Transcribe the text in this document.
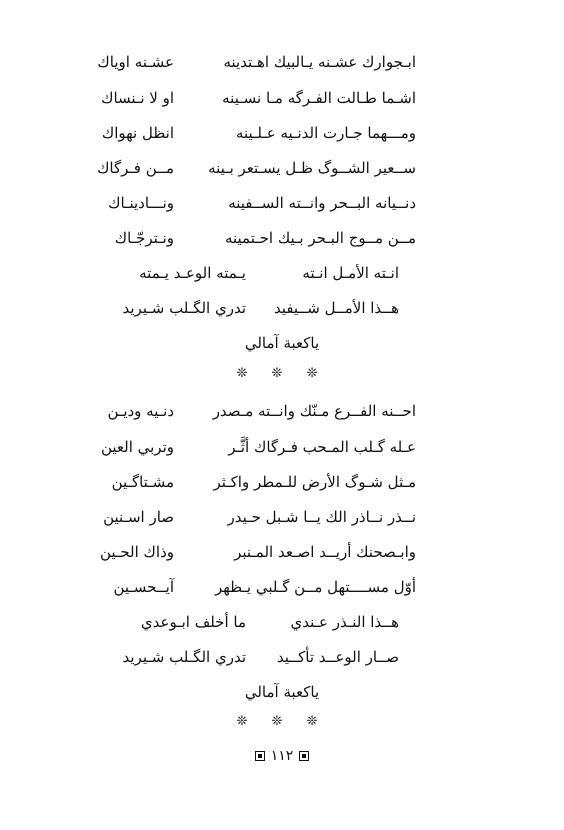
ابـجوارك عشـنه يـالبيك اهـتدينه
عشـنه اوياك
اشـما طـالت الفـرگه مـا نسـينه
او لا نـنساك
ومـــهما جـارت الدنـيه عـلـينه
انظل نهواك
ســعير الشــوگ ظـل يسـتعر بـينه
مــن فـرگاك
دنــيانه البــحر وانــته الســفينه
ونـــادينـاك
مــن مــوج البـحر بـيك احـتمينه
ونـترجّـاك
انـته الأمـل انـته
يـمته الوعـد يـمته
هــذا الأمــل شــيفيد
تدري الگـلب شـيريد
ياكعبة آمالي
❊ ❊ ❊
احــنه الفــرع مـنّك وانــته مـصدر
دنـيه وديـن
عـله گـلب المـحب فـرگاك أثَّـر
وتربي العين
مـثل شـوگ الأرض للـمطر واكـثر
مشـتاگـين
نــذر نــاذر الك يــا شـبل حـيدر
صار اسـنين
وابـصحنك أريــد اصـعد المـنبر
وذاك الحـين
أوّل مســــتهل مــن گـلبي يـظهر
آيــحسـين
هــذا النـذر عـندي
ما أخلف ابـوعدي
صــار الوعــد تأكــيد
تدري الگـلب شـيريد
ياكعبة آمالي
❊ ❊ ❊
١١٢
